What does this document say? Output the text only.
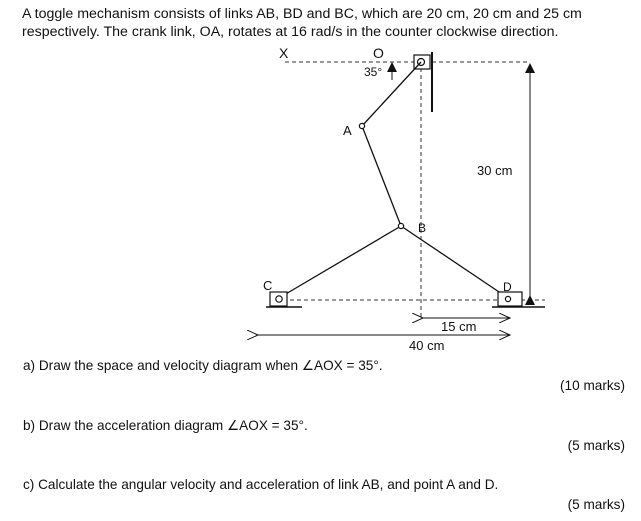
A toggle mechanism consists of links AB, BD and BC, which are 20 cm, 20 cm and 25 cm respectively. The crank link, OA, rotates at 16 rad/s in the counter clockwise direction.

35°
30 cm
15 cm
40 cm
X	O
A
B
C	D

a) Draw the space and velocity diagram when ∠AOX = 35°.

(10 marks)

b) Draw the acceleration diagram ∠AOX = 35°.

(5 marks)

c) Calculate the angular velocity and acceleration of link AB, and point A and D.

(5 marks)
